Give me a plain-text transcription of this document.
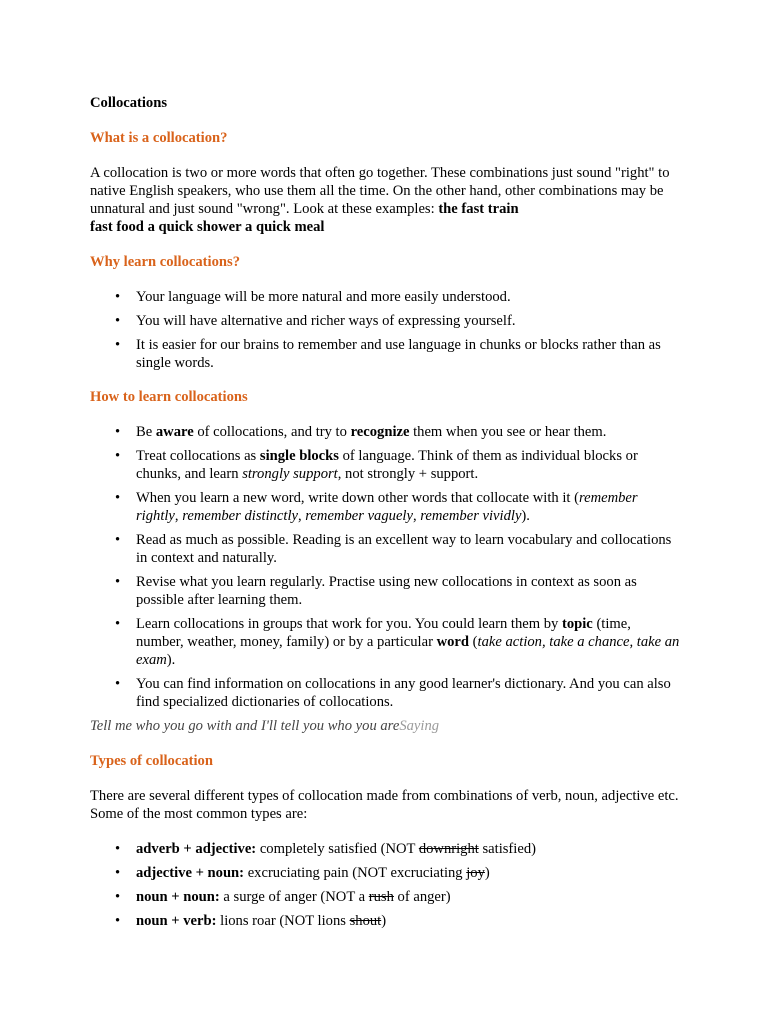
Collocations
What is a collocation?

A collocation is two or more words that often go together. These combinations just sound "right" to native English speakers, who use them all the time. On the other hand, other combinations may be unnatural and just sound "wrong". Look at these examples: the fast train
fast food a quick shower a quick meal

Why learn collocations?
• Your language will be more natural and more easily understood.
• You will have alternative and richer ways of expressing yourself.
• It is easier for our brains to remember and use language in chunks or blocks rather than as single words.
How to learn collocations
• Be aware of collocations, and try to recognize them when you see or hear them.
• Treat collocations as single blocks of language. Think of them as individual blocks or chunks, and learn strongly support, not strongly + support.
• When you learn a new word, write down other words that collocate with it (remember rightly, remember distinctly, remember vaguely, remember vividly).
• Read as much as possible. Reading is an excellent way to learn vocabulary and collocations in context and naturally.
• Revise what you learn regularly. Practise using new collocations in context as soon as possible after learning them.
• Learn collocations in groups that work for you. You could learn them by topic (time, number, weather, money, family) or by a particular word (take action, take a chance, take an exam).
• You can find information on collocations in any good learner's dictionary. And you can also find specialized dictionaries of collocations.

Tell me who you go with and I'll tell you who you areSaying

Types of collocation

There are several different types of collocation made from combinations of verb, noun, adjective etc. Some of the most common types are:

• adverb + adjective: completely satisfied (NOT downright satisfied)
• adjective + noun: excruciating pain (NOT excruciating joy)
• noun + noun: a surge of anger (NOT a rush of anger)
• noun + verb: lions roar (NOT lions shout)
